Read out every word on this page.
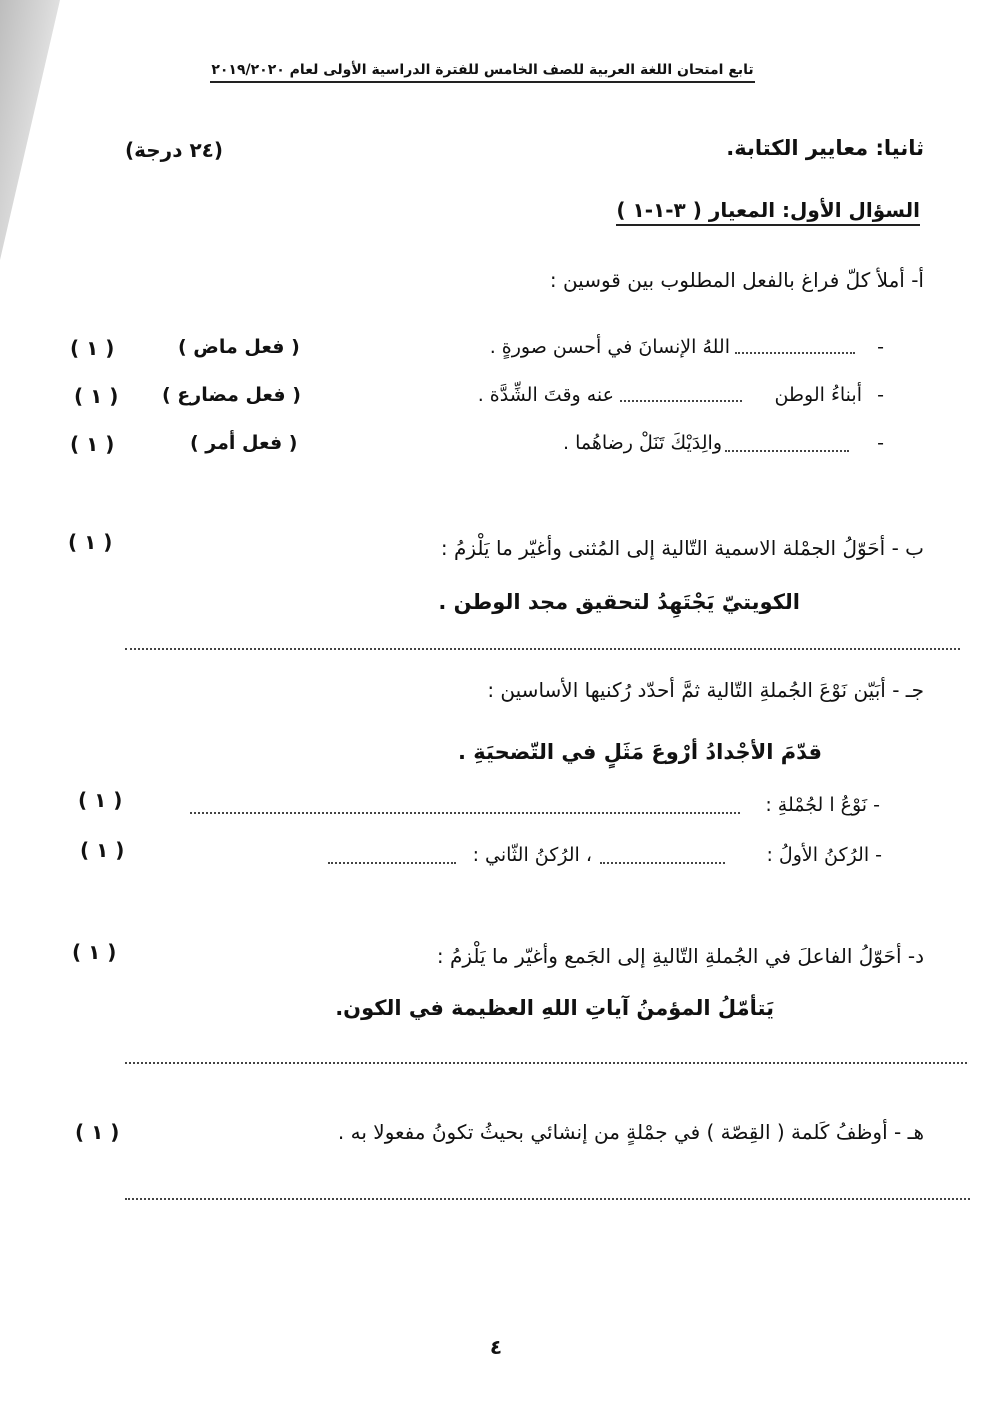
تابع امتحان اللغة العربية للصف الخامس للفترة الدراسية الأولى لعام ٢٠١٩/٢٠٢٠
ثانيا: معايير الكتابة.
(٢٤ درجة)
السؤال الأول: المعيار ( ٣-١-١ )
أ- أملأ كلّ فراغ بالفعل المطلوب بين قوسين :
-
اللهُ الإنسانَ في أحسن صورةٍ .
( فعل ماض )
( ١ )
-
أبناءُ الوطن
عنه وقتَ الشِّدَّة .
( فعل مضارع )
( ١ )
-
والِدَيْكَ تَنَلْ رضاهُما .
( فعل أمر )
( ١ )
ب - أحَوّلُ الجمْلة الاسمية التّالية إلى المُثنى وأغيّر ما يَلْزمُ :
( ١ )
الكويتيّ يَجْتَهِدُ لتحقيق مجد الوطن .
جـ - أبَيّن نَوْعَ الجُملةِ التّالية ثمَّ أحدّد رُكنيها الأساسين :
قدّمَ الأجْدادُ أرْوعَ مَثَلٍ في التّضحيَةِ .
- نَوْعُ ا لجُمْلةِ :
( ١ )
- الرُكنُ الأولُ :
، الرُكنُ الثّاني :
( ١ )
د- أحَوّلُ الفاعلَ في الجُملةِ التّاليةِ إلى الجَمع وأغيّر ما يَلْزمُ :
( ١ )
يَتأمّلُ المؤمنُ آياتِ اللهِ العظيمة في الكون.
هـ - أوظفُ كَلمة ( القِصّة ) في جمْلةٍ من إنشائي بحيثُ تكونُ مفعولا به .
( ١ )
٤
